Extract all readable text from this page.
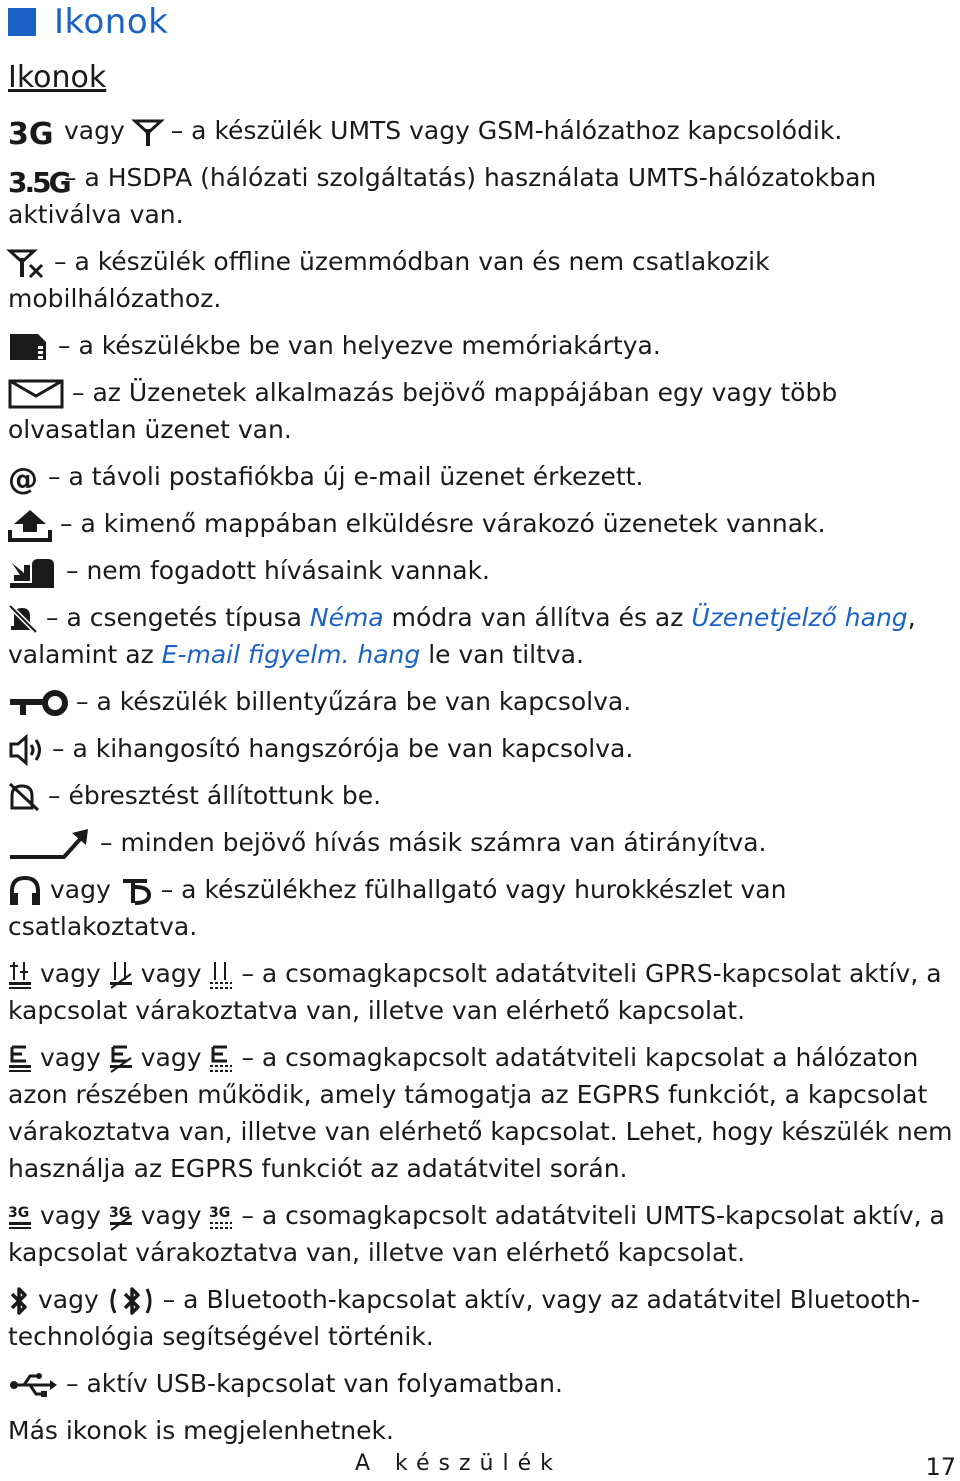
Ikonok
Ikonok

3G vagy – a készülék UMTS vagy GSM-hálózathoz kapcsolódik.

3.5G
– a HSDPA (hálózati szolgáltatás) használata UMTS-hálózatokban aktiválva van.

– a készülék offline üzemmódban van és nem csatlakozik mobilhálózathoz.

– a készülékbe be van helyezve memóriakártya.

– az Üzenetek alkalmazás bejövő mappájában egy vagy több olvasatlan üzenet van.

@ – a távoli postafiókba új e-mail üzenet érkezett.

– a kimenő mappában elküldésre várakozó üzenetek vannak.

– nem fogadott hívásaink vannak.

– a csengetés típusa Néma módra van állítva és az Üzenetjelző hang, valamint az E-mail figyelm. hang le van tiltva.

– a készülék billentyűzára be van kapcsolva.

– a kihangosító hangszórója be van kapcsolva.

– ébresztést állítottunk be.

– minden bejövő hívás másik számra van átirányítva.

vagy – a készülékhez fülhallgató vagy hurokkészlet van csatlakoztatva.

vagy vagy – a csomagkapcsolt adatátviteli GPRS-kapcsolat aktív, a kapcsolat várakoztatva van, illetve van elérhető kapcsolat.

vagy vagy – a csomagkapcsolt adatátviteli kapcsolat a hálózaton azon részében működik, amely támogatja az EGPRS funkciót, a kapcsolat várakoztatva van, illetve van elérhető kapcsolat. Lehet, hogy készülék nem használja az EGPRS funkciót az adatátvitel során.

3G vagy 3G vagy 3G – a csomagkapcsolt adatátviteli UMTS-kapcsolat aktív, a kapcsolat várakoztatva van, illetve van elérhető kapcsolat.

vagy	– a Bluetooth-kapcsolat aktív, vagy az adatátvitel Bluetooth-technológia segítségével történik.

– aktív USB-kapcsolat van folyamatban.

Más ikonok is megjelenhetnek.

A készülék	17
